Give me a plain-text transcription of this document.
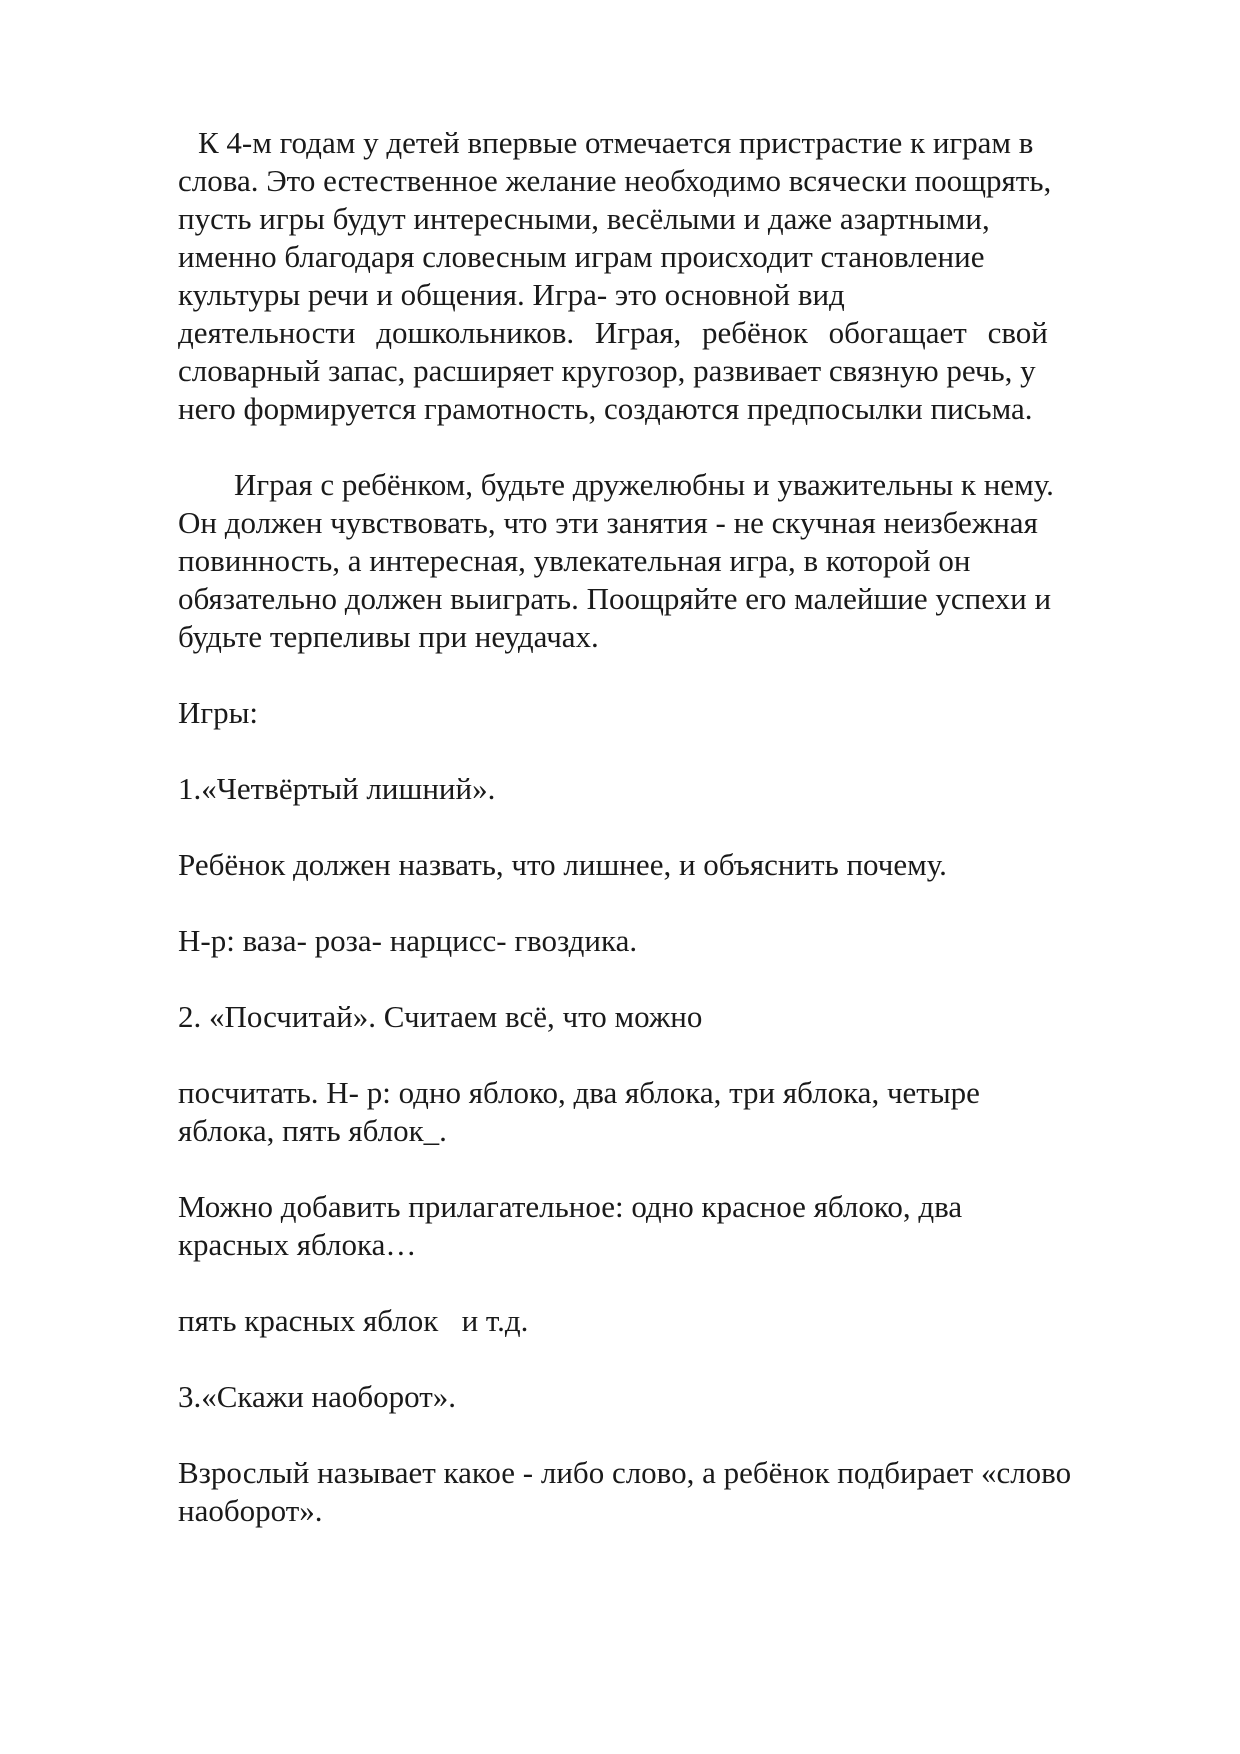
К 4-м годам у детей впервые отмечается пристрастие к играм в

слова. Это естественное желание необходимо всячески поощрять,

пусть игры будут интересными, весёлыми и даже азартными,

именно благодаря словесным играм происходит становление

культуры речи и общения. Игра- это основной вид

деятельности дошкольников. Играя, ребёнок обогащает свой

словарный запас, расширяет кругозор, развивает связную речь, у

него формируется грамотность, создаются предпосылки письма.

Играя с ребёнком, будьте дружелюбны и уважительны к нему.

Он должен чувствовать, что эти занятия - не скучная неизбежная

повинность, а интересная, увлекательная игра, в которой он

обязательно должен выиграть. Поощряйте его малейшие успехи и

будьте терпеливы при неудачах.

Игры:

1.«Четвёртый лишний».

Ребёнок должен назвать, что лишнее, и объяснить почему.

Н-р: ваза- роза- нарцисс- гвоздика.

2. «Посчитай». Считаем всё, что можно

посчитать. Н- р: одно яблоко, два яблока, три яблока, четыре

яблока, пять яблок_.

Можно добавить прилагательное: одно красное яблоко, два

красных яблока…

пять красных яблок   и т.д.

3.«Скажи наоборот».

Взрослый называет какое - либо слово, а ребёнок подбирает «слово

наоборот».
